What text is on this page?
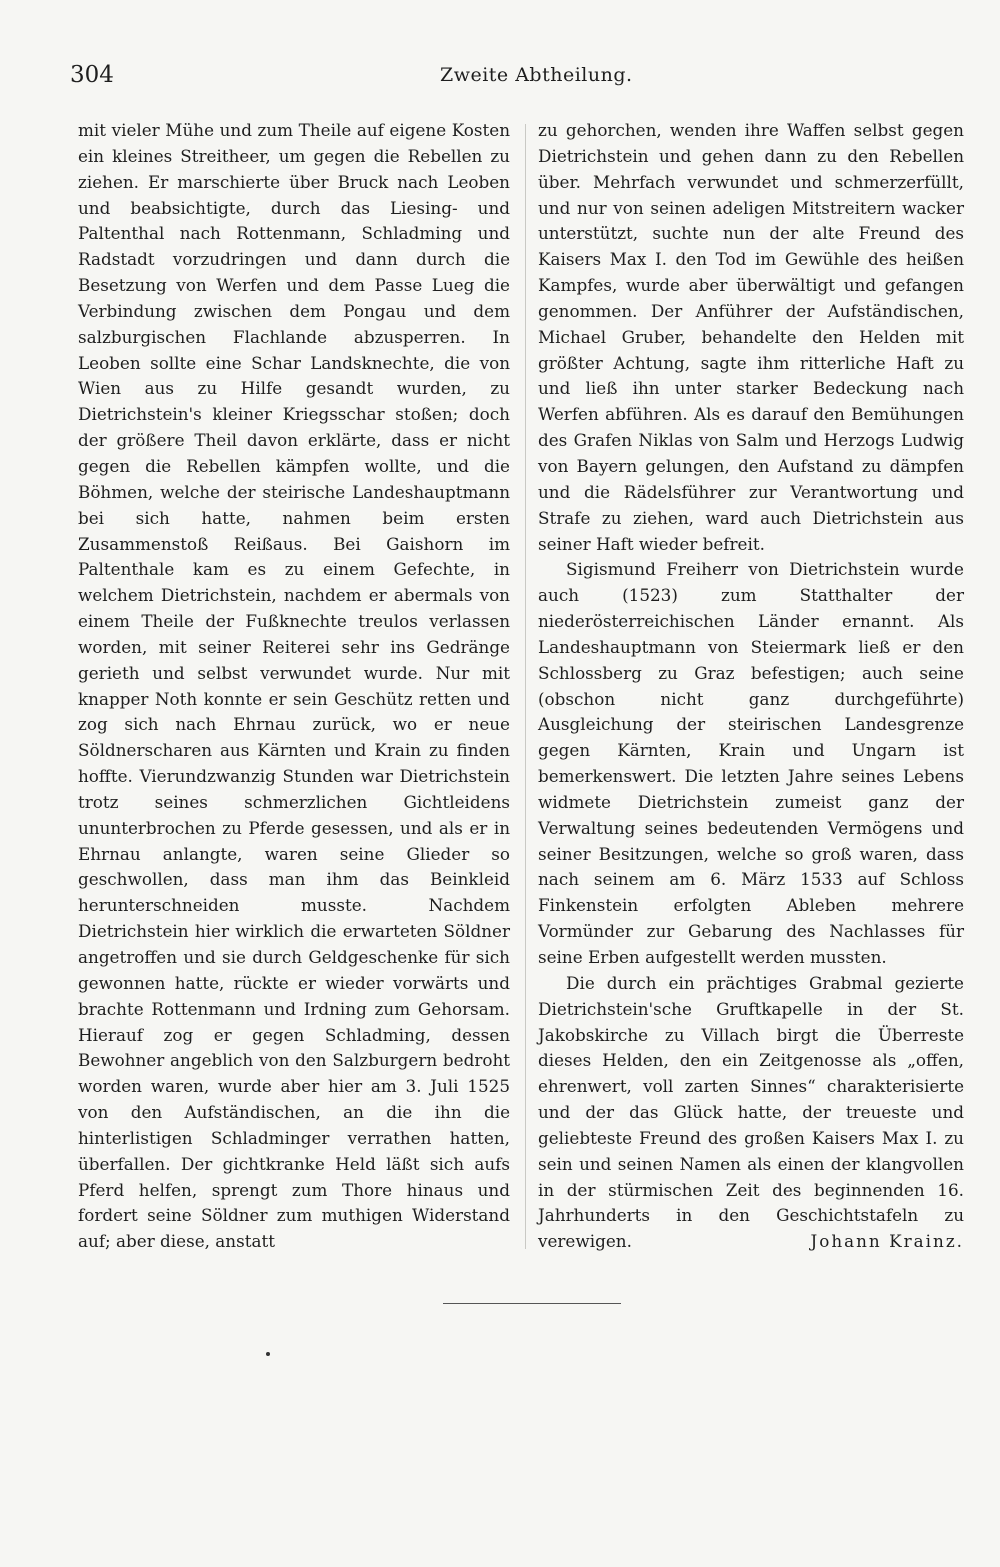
304	Zweite Abtheilung.

mit vieler Mühe und zum Theile auf eigene Kosten ein kleines Streitheer, um gegen die Rebellen zu ziehen. Er marschierte über Bruck nach Leoben und beabsichtigte, durch das Liesing- und Paltenthal nach Rottenmann, Schladming und Radstadt vorzudringen und dann durch die Besetzung von Werfen und dem Passe Lueg die Verbindung zwischen dem Pongau und dem salzburgischen Flachlande abzusperren. In Leoben sollte eine Schar Landsknechte, die von Wien aus zu Hilfe gesandt wurden, zu Dietrichstein's kleiner Kriegsschar stoßen; doch der größere Theil davon erklärte, dass er nicht gegen die Rebellen kämpfen wollte, und die Böhmen, welche der steirische Landeshauptmann bei sich hatte, nahmen beim ersten Zusammenstoß Reißaus. Bei Gaishorn im Paltenthale kam es zu einem Gefechte, in welchem Dietrichstein, nachdem er abermals von einem Theile der Fußknechte treulos verlassen worden, mit seiner Reiterei sehr ins Gedränge gerieth und selbst verwundet wurde. Nur mit knapper Noth konnte er sein Geschütz retten und zog sich nach Ehrnau zurück, wo er neue Söldnerscharen aus Kärnten und Krain zu finden hoffte. Vierundzwanzig Stunden war Dietrichstein trotz seines schmerzlichen Gichtleidens ununterbrochen zu Pferde gesessen, und als er in Ehrnau anlangte, waren seine Glieder so geschwollen, dass man ihm das Beinkleid herunterschneiden musste. Nachdem Dietrichstein hier wirklich die erwarteten Söldner angetroffen und sie durch Geldgeschenke für sich gewonnen hatte, rückte er wieder vorwärts und brachte Rottenmann und Irdning zum Gehorsam. Hierauf zog er gegen Schladming, dessen Bewohner angeblich von den Salzburgern bedroht worden waren, wurde aber hier am 3. Juli 1525 von den Aufständischen, an die ihn die hinterlistigen Schladminger verrathen hatten, überfallen. Der gichtkranke Held läßt sich aufs Pferd helfen, sprengt zum Thore hinaus und fordert seine Söldner zum muthigen Widerstand auf; aber diese, anstatt

zu gehorchen, wenden ihre Waffen selbst gegen Dietrichstein und gehen dann zu den Rebellen über. Mehrfach verwundet und schmerzerfüllt, und nur von seinen adeligen Mitstreitern wacker unterstützt, suchte nun der alte Freund des Kaisers Max I. den Tod im Gewühle des heißen Kampfes, wurde aber überwältigt und gefangen genommen. Der Anführer der Aufständischen, Michael Gruber, behandelte den Helden mit größter Achtung, sagte ihm ritterliche Haft zu und ließ ihn unter starker Bedeckung nach Werfen abführen. Als es darauf den Bemühungen des Grafen Niklas von Salm und Herzogs Ludwig von Bayern gelungen, den Aufstand zu dämpfen und die Rädelsführer zur Verantwortung und Strafe zu ziehen, ward auch Dietrichstein aus seiner Haft wieder befreit.

Sigismund Freiherr von Dietrichstein wurde auch (1523) zum Statthalter der niederösterreichischen Länder ernannt. Als Landeshauptmann von Steiermark ließ er den Schlossberg zu Graz befestigen; auch seine (obschon nicht ganz durchgeführte) Ausgleichung der steirischen Landesgrenze gegen Kärnten, Krain und Ungarn ist bemerkenswert. Die letzten Jahre seines Lebens widmete Dietrichstein zumeist ganz der Verwaltung seines bedeutenden Vermögens und seiner Besitzungen, welche so groß waren, dass nach seinem am 6. März 1533 auf Schloss Finkenstein erfolgten Ableben mehrere Vormünder zur Gebarung des Nachlasses für seine Erben aufgestellt werden mussten.

Die durch ein prächtiges Grabmal gezierte Dietrichstein'sche Gruftkapelle in der St. Jakobskirche zu Villach birgt die Überreste dieses Helden, den ein Zeitgenosse als „offen, ehrenwert, voll zarten Sinnes“ charakterisierte und der das Glück hatte, der treueste und geliebteste Freund des großen Kaisers Max I. zu sein und seinen Namen als einen der klangvollen in der stürmischen Zeit des beginnenden 16. Jahrhunderts in den Geschichtstafeln zu verewigen.	Johann Krainz.
